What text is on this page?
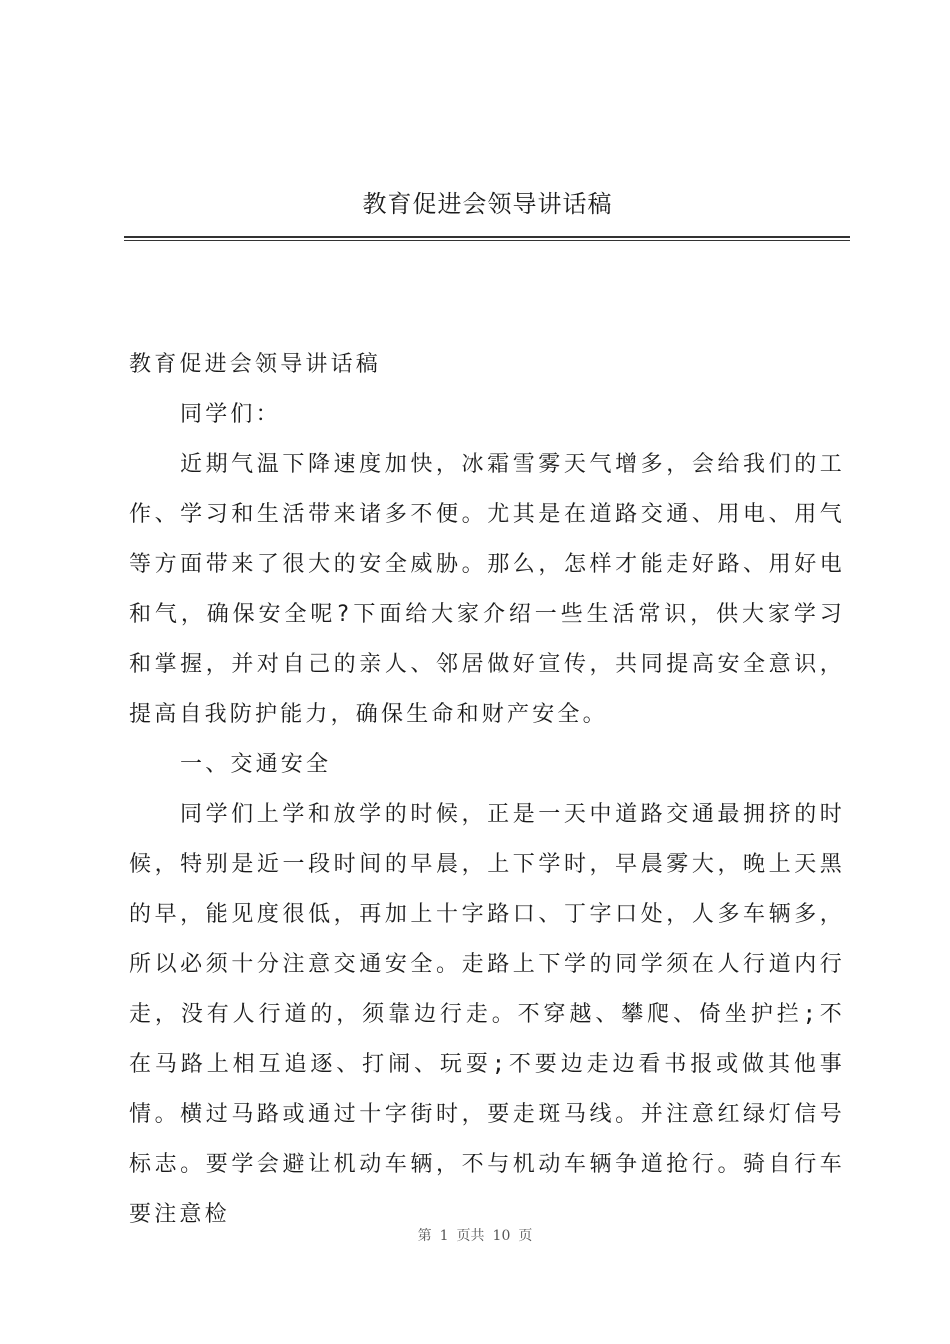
教育促进会领导讲话稿

教育促进会领导讲话稿

同学们：

近期气温下降速度加快，冰霜雪雾天气增多，会给我们的工作、学习和生活带来诸多不便。尤其是在道路交通、用电、用气等方面带来了很大的安全威胁。那么，怎样才能走好路、用好电和气，确保安全呢?下面给大家介绍一些生活常识，供大家学习和掌握，并对自己的亲人、邻居做好宣传，共同提高安全意识，提高自我防护能力，确保生命和财产安全。

一、交通安全

同学们上学和放学的时候，正是一天中道路交通最拥挤的时候，特别是近一段时间的早晨，上下学时，早晨雾大，晚上天黑的早，能见度很低，再加上十字路口、丁字口处，人多车辆多，所以必须十分注意交通安全。走路上下学的同学须在人行道内行走，没有人行道的，须靠边行走。不穿越、攀爬、倚坐护拦;不在马路上相互追逐、打闹、玩耍;不要边走边看书报或做其他事情。横过马路或通过十字街时，要走斑马线。并注意红绿灯信号标志。要学会避让机动车辆，不与机动车辆争道抢行。骑自行车要注意检

第 1 页共 10 页
